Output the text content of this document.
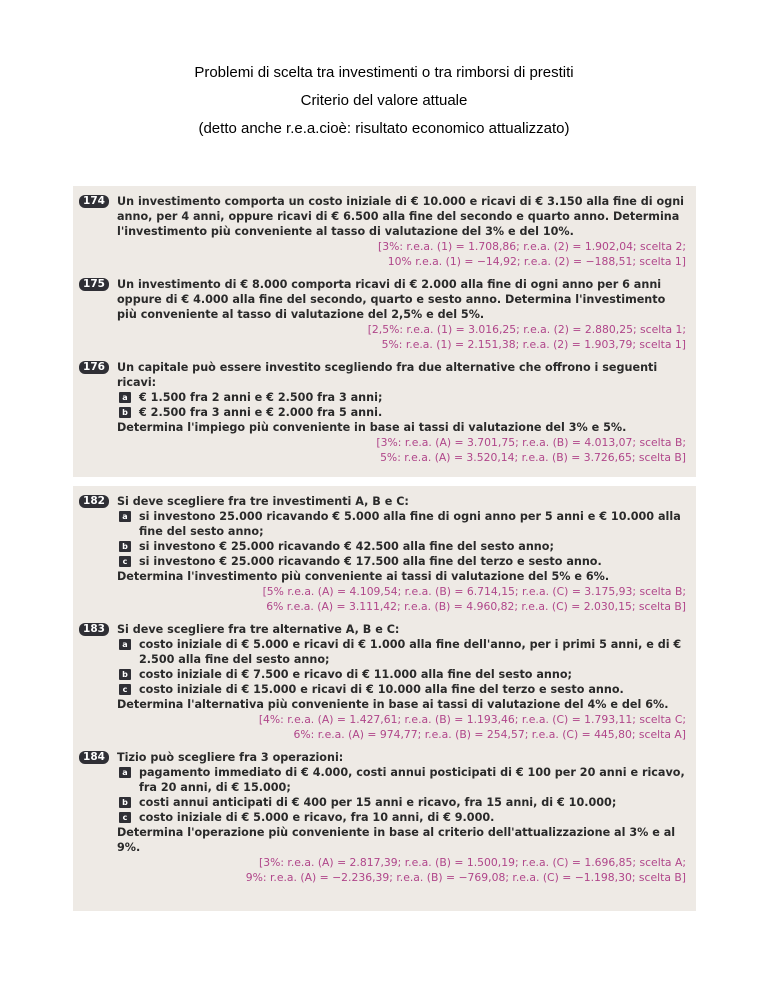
Problemi di scelta tra investimenti o tra rimborsi di prestiti
Criterio del valore attuale
(detto anche r.e.a.cioè: risultato economico attualizzato)
174	Un investimento comporta un costo iniziale di € 10.000 e ricavi di € 3.150 alla fine di ogni anno, per 4 anni, oppure ricavi di € 6.500 alla fine del secondo e quarto anno. Determina l'investimento più conveniente al tasso di valutazione del 3% e del 10%.
[3%: r.e.a. (1) = 1.708,86; r.e.a. (2) = 1.902,04; scelta 2;
10% r.e.a. (1) = −14,92; r.e.a. (2) = −188,51; scelta 1]
175	Un investimento di € 8.000 comporta ricavi di € 2.000 alla fine di ogni anno per 6 anni oppure di € 4.000 alla fine del secondo, quarto e sesto anno. Determina l'investimento più conveniente al tasso di valutazione del 2,5% e del 5%.
[2,5%: r.e.a. (1) = 3.016,25; r.e.a. (2) = 2.880,25; scelta 1;
5%: r.e.a. (1) = 2.151,38; r.e.a. (2) = 1.903,79; scelta 1]
176	Un capitale può essere investito scegliendo fra due alternative che offrono i seguenti ricavi:
a € 1.500 fra 2 anni e € 2.500 fra 3 anni;
b € 2.500 fra 3 anni e € 2.000 fra 5 anni.
Determina l'impiego più conveniente in base ai tassi di valutazione del 3% e 5%.
[3%: r.e.a. (A) = 3.701,75; r.e.a. (B) = 4.013,07; scelta B;
5%: r.e.a. (A) = 3.520,14; r.e.a. (B) = 3.726,65; scelta B]
182	Si deve scegliere fra tre investimenti A, B e C:
a si investono 25.000 ricavando € 5.000 alla fine di ogni anno per 5 anni e € 10.000 alla fine del sesto anno;
b si investono € 25.000 ricavando € 42.500 alla fine del sesto anno;
c	si investono € 25.000 ricavando € 17.500 alla fine del terzo e sesto anno.
Determina l'investimento più conveniente ai tassi di valutazione del 5% e 6%.
[5% r.e.a. (A) = 4.109,54; r.e.a. (B) = 6.714,15; r.e.a. (C) = 3.175,93; scelta B;
6% r.e.a. (A) = 3.111,42; r.e.a. (B) = 4.960,82; r.e.a. (C) = 2.030,15; scelta B]
183	Si deve scegliere fra tre alternative A, B e C:
a costo iniziale di € 5.000 e ricavi di € 1.000 alla fine dell'anno, per i primi 5 anni, e di € 2.500 alla fine del sesto anno;
b costo iniziale di € 7.500 e ricavo di € 11.000 alla fine del sesto anno;
c	costo iniziale di € 15.000 e ricavi di € 10.000 alla fine del terzo e sesto anno.
Determina l'alternativa più conveniente in base ai tassi di valutazione del 4% e del 6%.
[4%: r.e.a. (A) = 1.427,61; r.e.a. (B) = 1.193,46; r.e.a. (C) = 1.793,11; scelta C;
6%: r.e.a. (A) = 974,77; r.e.a. (B) = 254,57; r.e.a. (C) = 445,80; scelta A]
184	Tizio può scegliere fra 3 operazioni:
a pagamento immediato di € 4.000, costi annui posticipati di € 100 per 20 anni e ricavo, fra 20 anni, di € 15.000;
b costi annui anticipati di € 400 per 15 anni e ricavo, fra 15 anni, di € 10.000;
c	costo iniziale di € 5.000 e ricavo, fra 10 anni, di € 9.000.
Determina l'operazione più conveniente in base al criterio dell'attualizzazione al 3% e al 9%.
[3%: r.e.a. (A) = 2.817,39; r.e.a. (B) = 1.500,19; r.e.a. (C) = 1.696,85; scelta A;
9%: r.e.a. (A) = −2.236,39; r.e.a. (B) = −769,08; r.e.a. (C) = −1.198,30; scelta B]
